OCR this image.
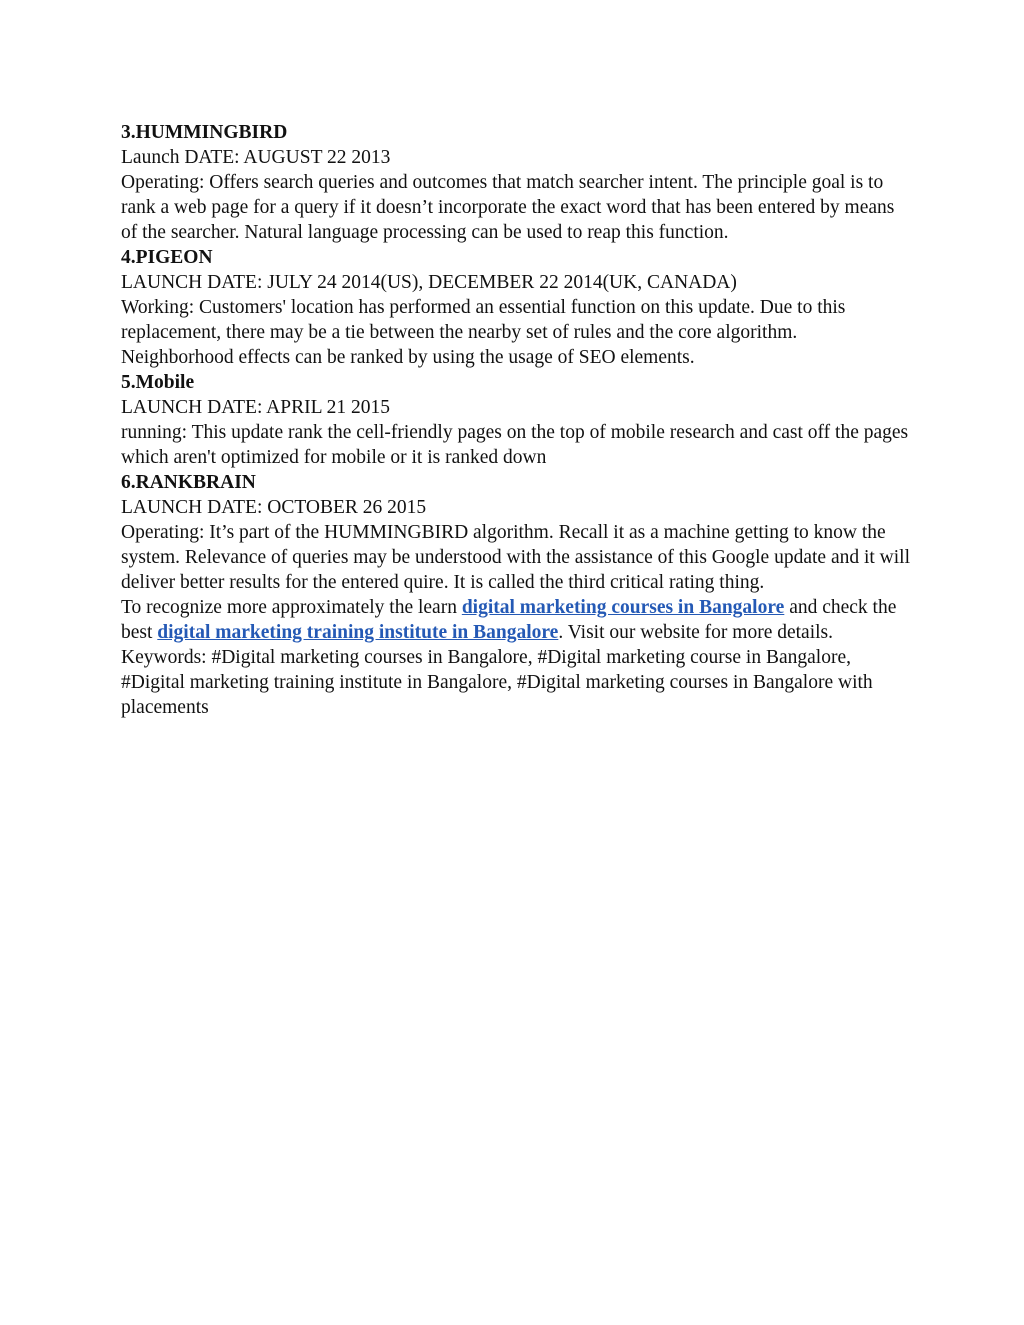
3.HUMMINGBIRD

Launch DATE: AUGUST 22 2013

Operating: Offers search queries and outcomes that match searcher intent. The principle goal is to rank a web page for a query if it doesn’t incorporate the exact word that has been entered by means of the searcher. Natural language processing can be used to reap this function.

4.PIGEON

LAUNCH DATE: JULY 24 2014(US), DECEMBER 22 2014(UK, CANADA)

Working: Customers' location has performed an essential function on this update. Due to this replacement, there may be a tie between the nearby set of rules and the core algorithm. Neighborhood effects can be ranked by using the usage of SEO elements.

5.Mobile

LAUNCH DATE: APRIL 21 2015

running: This update rank the cell-friendly pages on the top of mobile research and cast off the pages which aren't optimized for mobile or it is ranked down

6.RANKBRAIN

LAUNCH DATE: OCTOBER 26 2015

Operating: It’s part of the HUMMINGBIRD algorithm. Recall it as a machine getting to know the system. Relevance of queries may be understood with the assistance of this Google update and it will deliver better results for the entered quire. It is called the third critical rating thing.

To recognize more approximately the learn digital marketing courses in Bangalore and check the best digital marketing training institute in Bangalore. Visit our website for more details.

Keywords: #Digital marketing courses in Bangalore, #Digital marketing course in Bangalore, #Digital marketing training institute in Bangalore, #Digital marketing courses in Bangalore with placements
